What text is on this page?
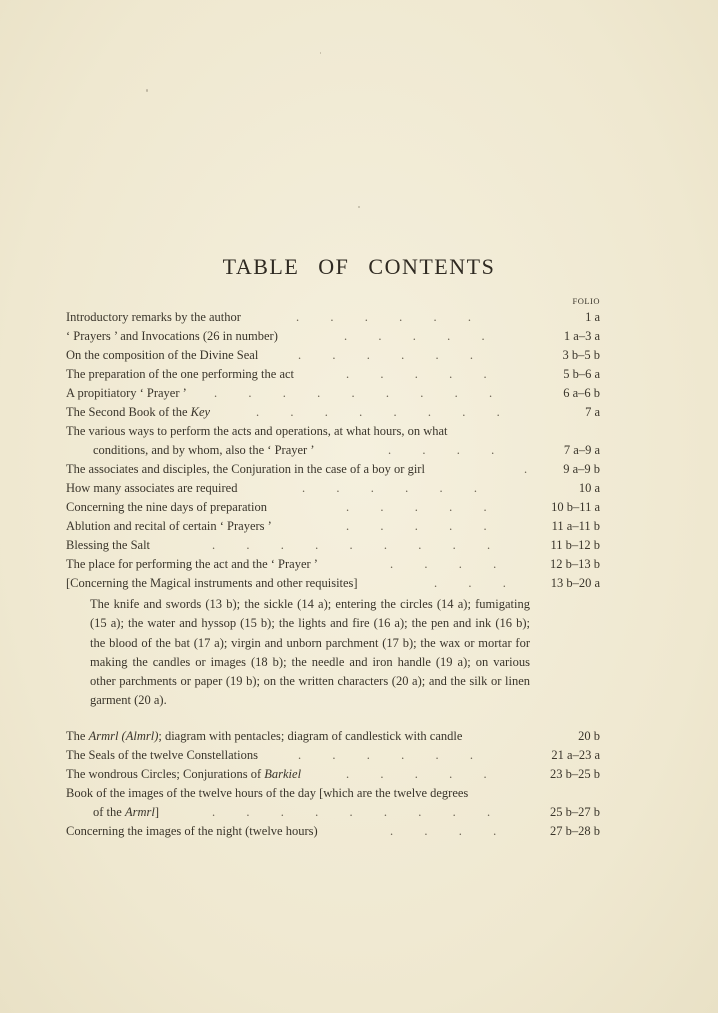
TABLE OF CONTENTS
FOLIO
Introductory remarks by the author	.          .          .          .          .          .	1 a
‘ Prayers ’ and Invocations (26 in number)	.          .          .          .          .	1 a–3 a
On the composition of the Divine Seal	.          .          .          .          .          .	3 b–5 b
The preparation of the one performing the act	.          .          .          .          .	5 b–6 a
A propitiatory ‘ Prayer ’ .          .          .          .          .          .          .          .          .	6 a–6 b
The Second Book of the Key	.          .          .          .          .          .          .          .	7 a
The various ways to perform the acts and operations, at what hours, on what
conditions, and by whom, also the ‘ Prayer ’	.          .          .          .	7 a–9 a
The associates and disciples, the Conjuration in the case of a boy or girl	.	9 a–9 b
How many associates are required	.          .          .          .          .          .	10 a
Concerning the nine days of preparation	.          .          .          .          .	10 b–11 a
Ablution and recital of certain ‘ Prayers ’	.          .          .          .          .	11 a–11 b
Blessing the Salt	.          .          .          .          .          .          .          .          .	11 b–12 b
The place for performing the act and the ‘ Prayer ’	.          .          .          .	12 b–13 b
[Concerning the Magical instruments and other requisites]	.          .          .	13 b–20 a
The knife and swords (13 b); the sickle (14 a); entering the circles (14 a); fumigating (15 a); the water and hyssop (15 b); the lights and fire (16 a); the pen and ink (16 b); the blood of the bat (17 a); virgin and unborn parchment (17 b); the wax or mortar for making the candles or images (18 b); the needle and iron handle (19 a); on various other parchments or paper (19 b); on the written characters (20 a); and the silk or linen garment (20 a).
The Armrl (Almrl); diagram with pentacles; diagram of candlestick with candle	20 b
The Seals of the twelve Constellations	.          .          .          .          .          .	21 a–23 a
The wondrous Circles; Conjurations of Barkiel	.          .          .          .          .	23 b–25 b
Book of the images of the twelve hours of the day [which are the twelve degrees
of the Armrl]	.          .          .          .          .          .          .          .          .	25 b–27 b
Concerning the images of the night (twelve hours)	.          .          .          .	27 b–28 b
